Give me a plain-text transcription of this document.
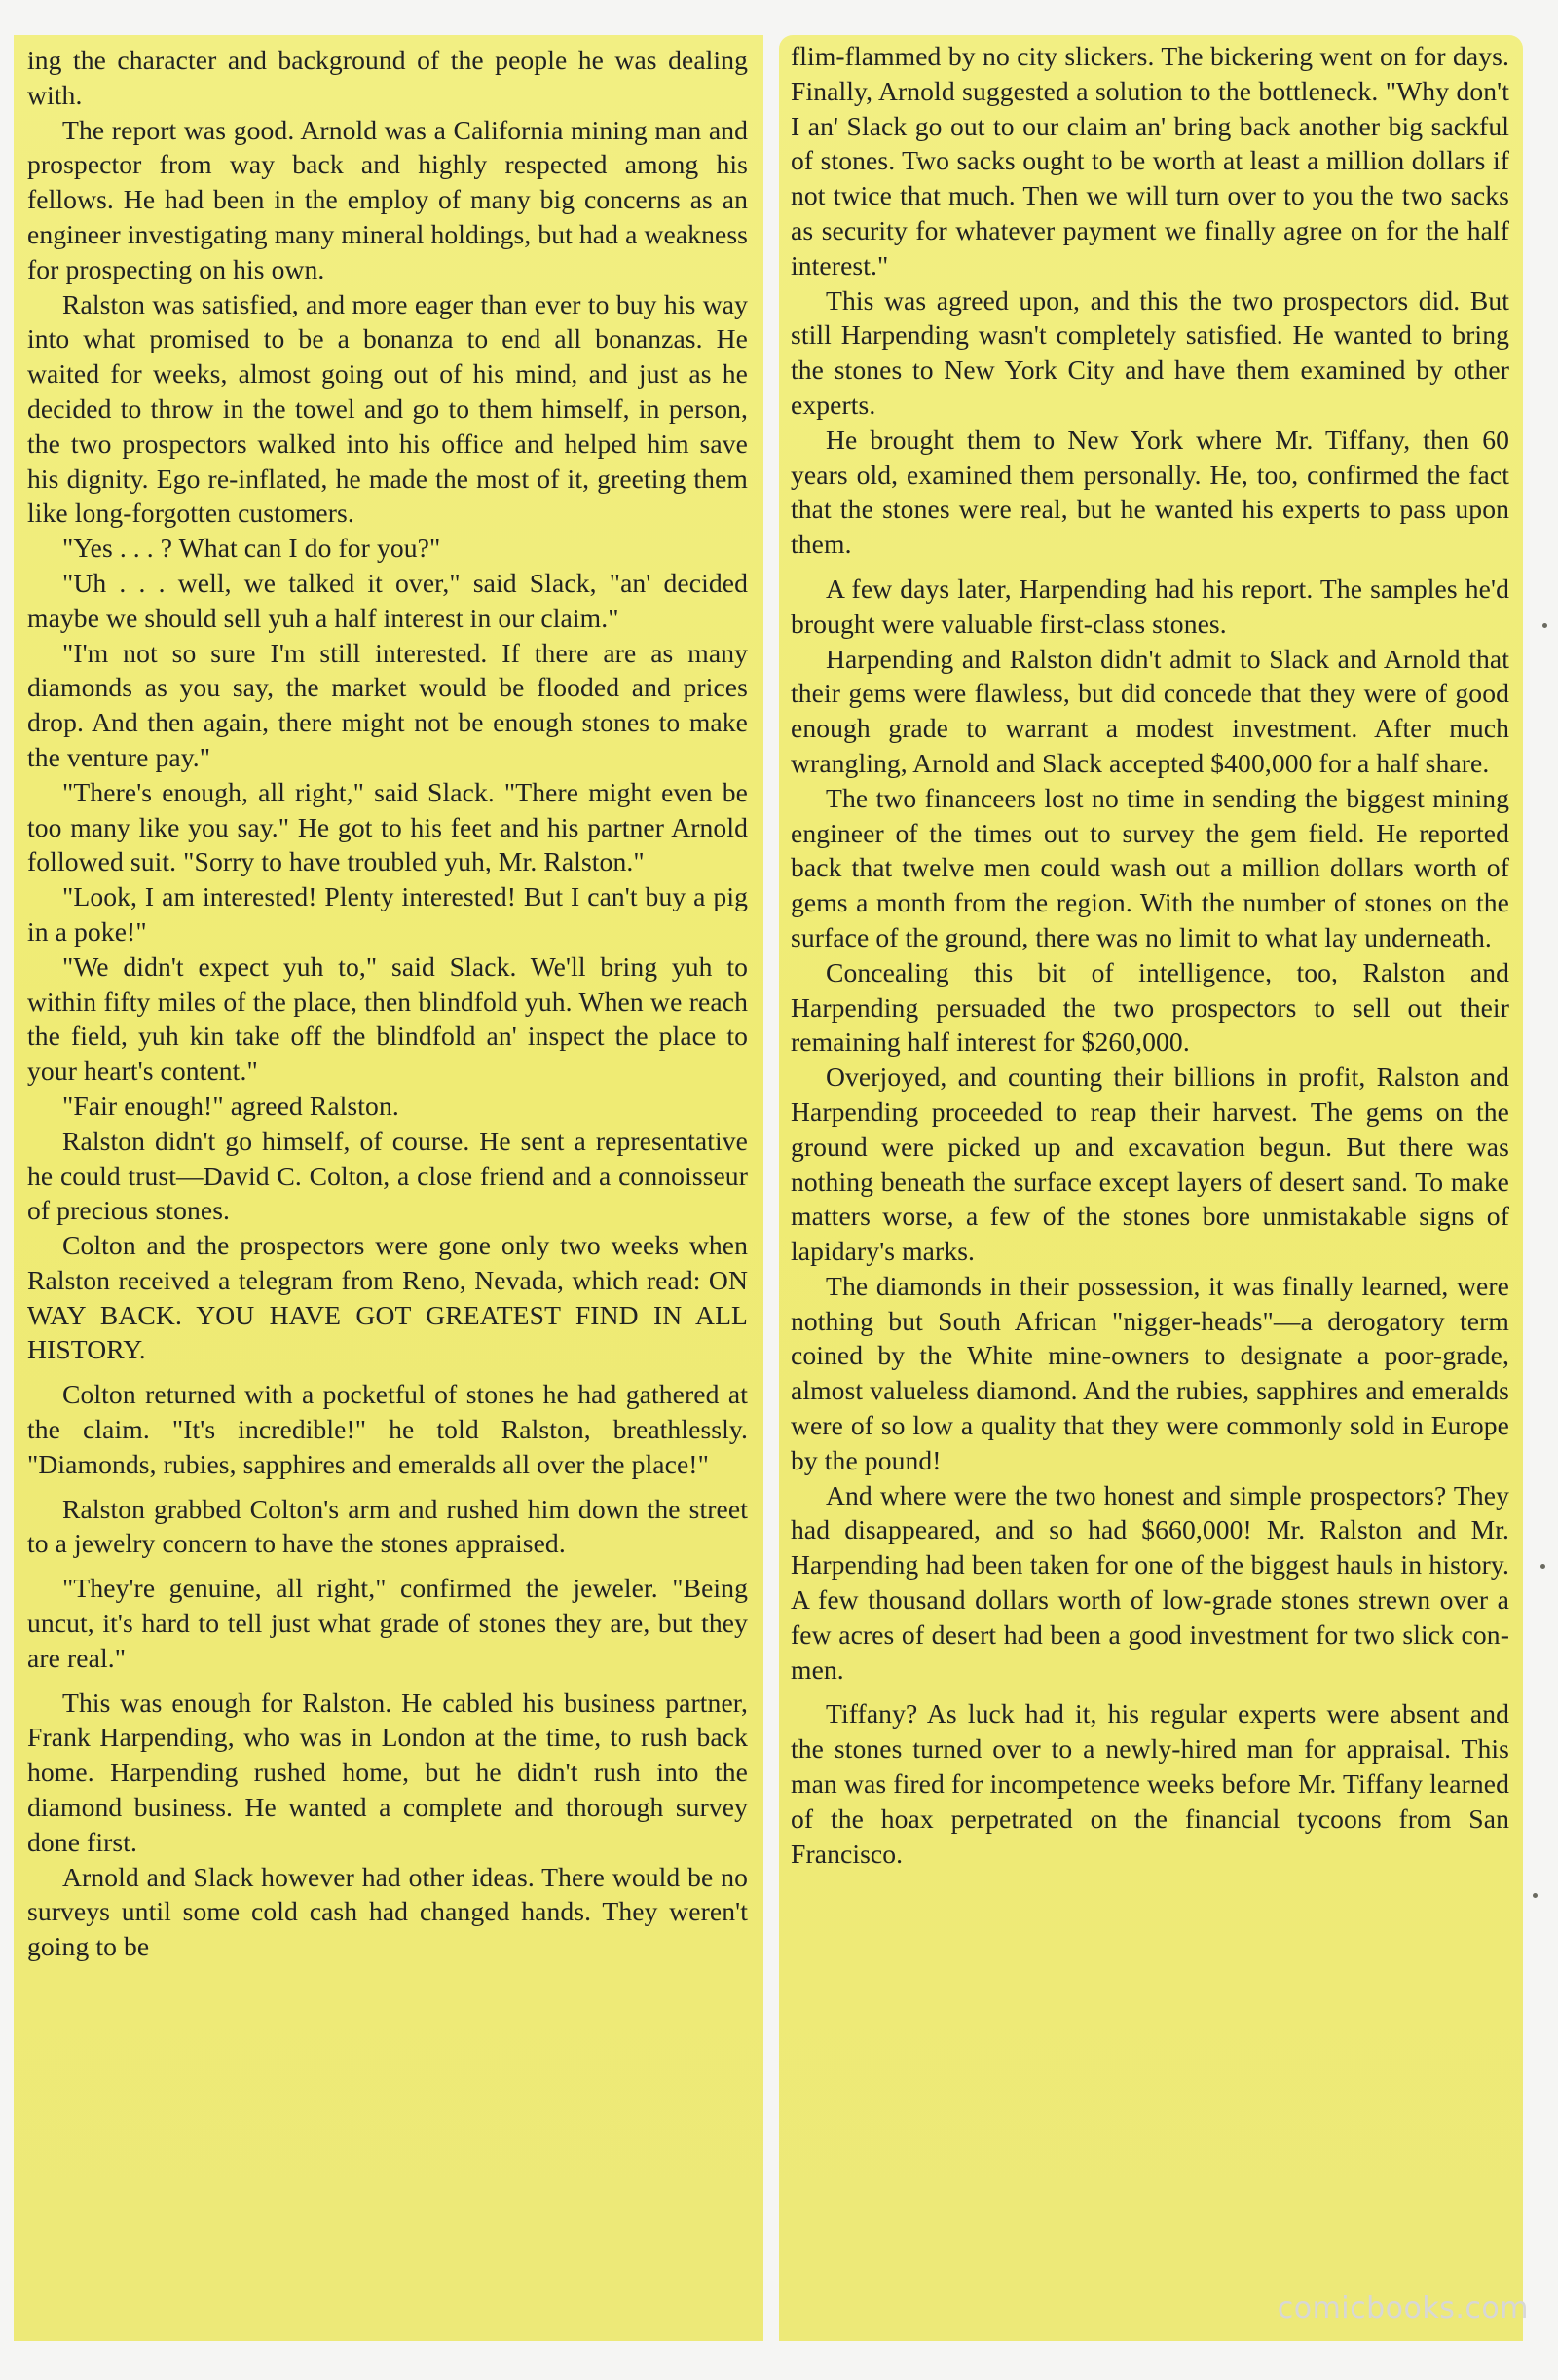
ing the character and background of the people he was dealing with.

The report was good. Arnold was a California mining man and prospector from way back and highly respected among his fellows. He had been in the employ of many big concerns as an engineer investigating many mineral holdings, but had a weakness for prospecting on his own.

Ralston was satisfied, and more eager than ever to buy his way into what promised to be a bonanza to end all bonanzas. He waited for weeks, almost going out of his mind, and just as he decided to throw in the towel and go to them himself, in person, the two prospectors walked into his office and helped him save his dignity. Ego re-inflated, he made the most of it, greeting them like long-forgotten customers.

"Yes . . . ? What can I do for you?"

"Uh . . . well, we talked it over," said Slack, "an' decided maybe we should sell yuh a half interest in our claim."

"I'm not so sure I'm still interested. If there are as many diamonds as you say, the market would be flooded and prices drop. And then again, there might not be enough stones to make the venture pay."

"There's enough, all right," said Slack. "There might even be too many like you say." He got to his feet and his partner Arnold followed suit. "Sorry to have troubled yuh, Mr. Ralston."

"Look, I am interested! Plenty interested! But I can't buy a pig in a poke!"

"We didn't expect yuh to," said Slack. We'll bring yuh to within fifty miles of the place, then blindfold yuh. When we reach the field, yuh kin take off the blindfold an' inspect the place to your heart's content."

"Fair enough!" agreed Ralston.

Ralston didn't go himself, of course. He sent a representative he could trust—David C. Colton, a close friend and a connoisseur of precious stones.

Colton and the prospectors were gone only two weeks when Ralston received a telegram from Reno, Nevada, which read: ON WAY BACK. YOU HAVE GOT GREATEST FIND IN ALL HISTORY.

Colton returned with a pocketful of stones he had gathered at the claim. "It's incredible!" he told Ralston, breathlessly. "Diamonds, rubies, sapphires and emeralds all over the place!"

Ralston grabbed Colton's arm and rushed him down the street to a jewelry concern to have the stones appraised.

"They're genuine, all right," confirmed the jeweler. "Being uncut, it's hard to tell just what grade of stones they are, but they are real."

This was enough for Ralston. He cabled his business partner, Frank Harpending, who was in London at the time, to rush back home. Harpending rushed home, but he didn't rush into the diamond business. He wanted a complete and thorough survey done first.

Arnold and Slack however had other ideas. There would be no surveys until some cold cash had changed hands. They weren't going to be

flim-flammed by no city slickers. The bickering went on for days. Finally, Arnold suggested a solution to the bottleneck. "Why don't I an' Slack go out to our claim an' bring back another big sackful of stones. Two sacks ought to be worth at least a million dollars if not twice that much. Then we will turn over to you the two sacks as security for whatever payment we finally agree on for the half interest."

This was agreed upon, and this the two prospectors did. But still Harpending wasn't completely satisfied. He wanted to bring the stones to New York City and have them examined by other experts.

He brought them to New York where Mr. Tiffany, then 60 years old, examined them personally. He, too, confirmed the fact that the stones were real, but he wanted his experts to pass upon them.

A few days later, Harpending had his report. The samples he'd brought were valuable first-class stones.

Harpending and Ralston didn't admit to Slack and Arnold that their gems were flawless, but did concede that they were of good enough grade to warrant a modest investment. After much wrangling, Arnold and Slack accepted $400,000 for a half share.

The two financeers lost no time in sending the biggest mining engineer of the times out to survey the gem field. He reported back that twelve men could wash out a million dollars worth of gems a month from the region. With the number of stones on the surface of the ground, there was no limit to what lay underneath.

Concealing this bit of intelligence, too, Ralston and Harpending persuaded the two prospectors to sell out their remaining half interest for $260,000.

Overjoyed, and counting their billions in profit, Ralston and Harpending proceeded to reap their harvest. The gems on the ground were picked up and excavation begun. But there was nothing beneath the surface except layers of desert sand. To make matters worse, a few of the stones bore unmistakable signs of lapidary's marks.

The diamonds in their possession, it was finally learned, were nothing but South African "nigger-heads"—a derogatory term coined by the White mine-owners to designate a poor-grade, almost valueless diamond. And the rubies, sapphires and emeralds were of so low a quality that they were commonly sold in Europe by the pound!

And where were the two honest and simple prospectors? They had disappeared, and so had $660,000! Mr. Ralston and Mr. Harpending had been taken for one of the biggest hauls in history. A few thousand dollars worth of low-grade stones strewn over a few acres of desert had been a good investment for two slick con-men.

Tiffany? As luck had it, his regular experts were absent and the stones turned over to a newly-hired man for appraisal. This man was fired for incompetence weeks before Mr. Tiffany learned of the hoax perpetrated on the financial tycoons from San Francisco.

comicbooks.com
